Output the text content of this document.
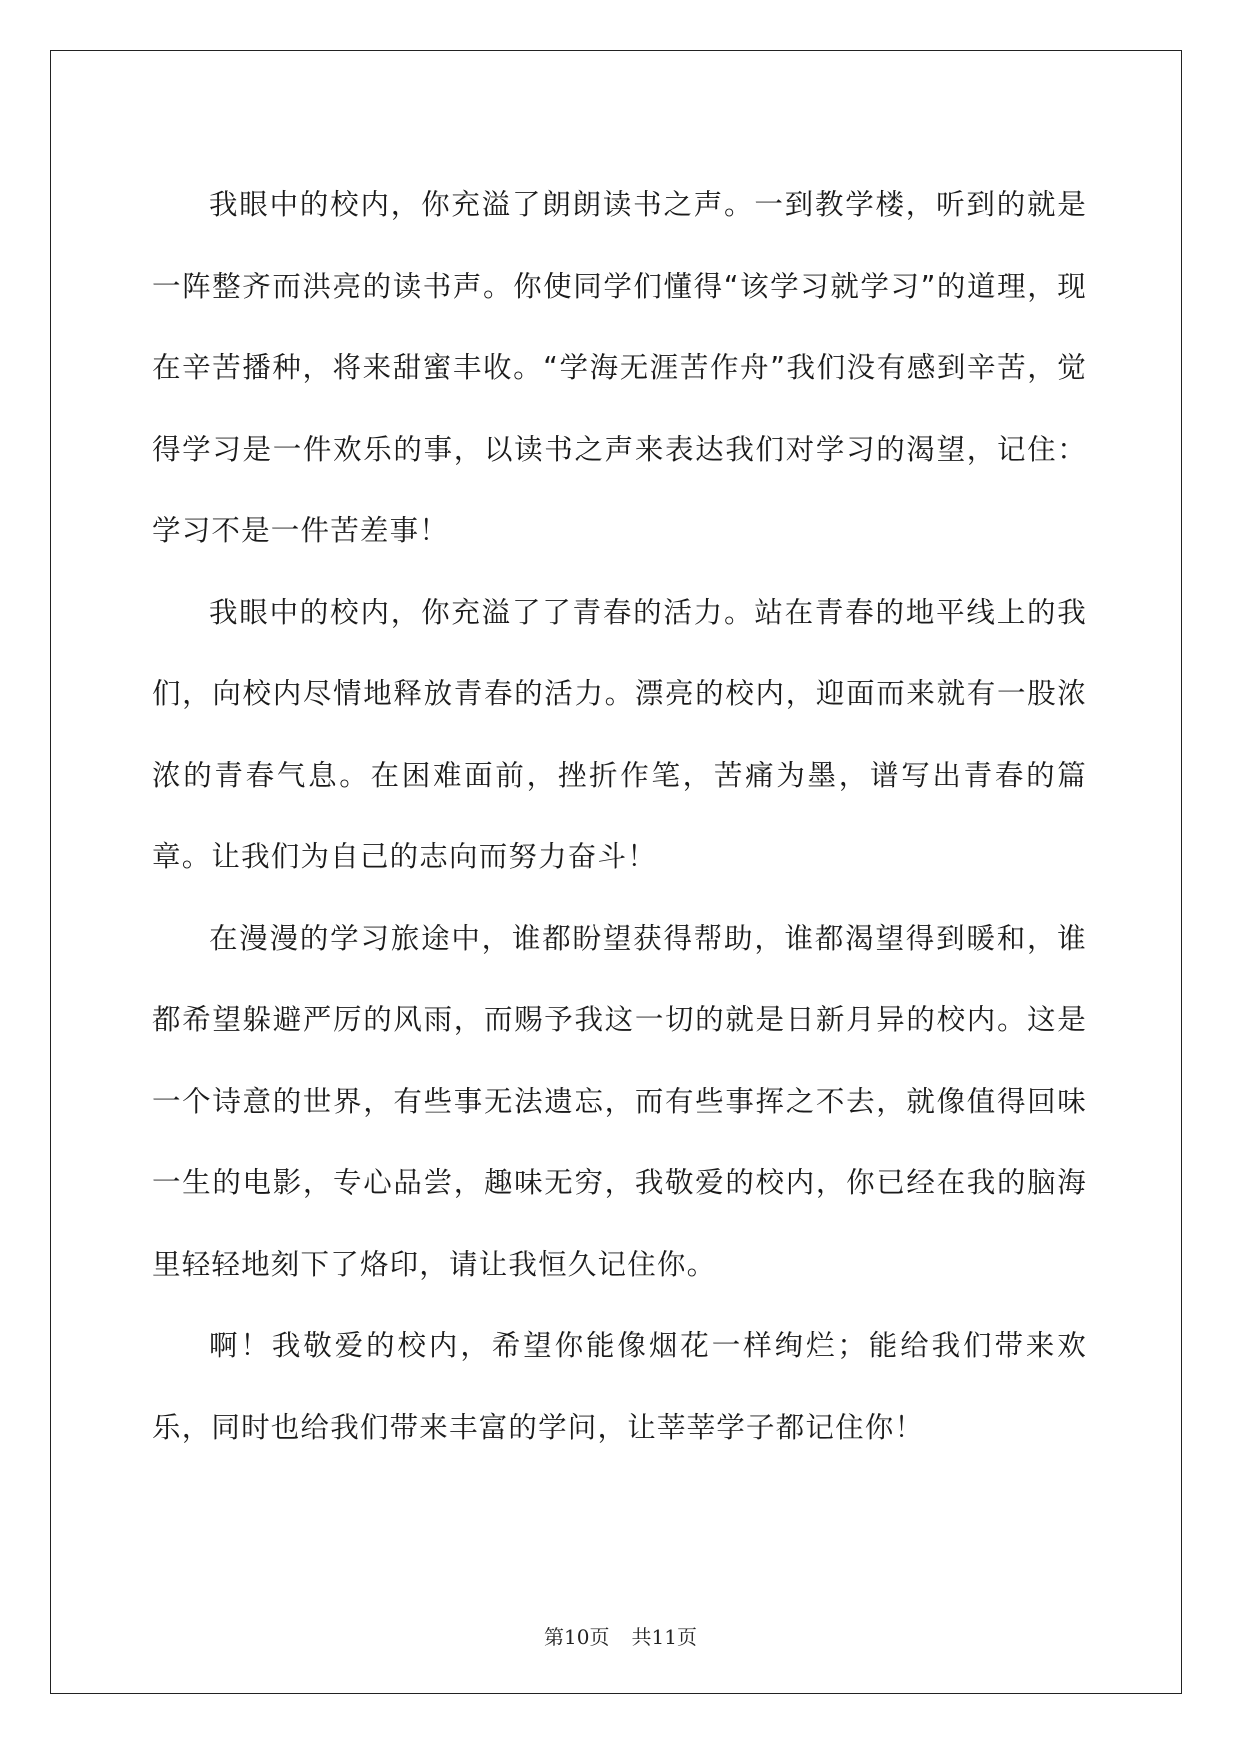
我眼中的校内，你充溢了朗朗读书之声。一到教学楼，听到的就是一阵整齐而洪亮的读书声。你使同学们懂得“该学习就学习”的道理，现在辛苦播种，将来甜蜜丰收。“学海无涯苦作舟”我们没有感到辛苦，觉得学习是一件欢乐的事，以读书之声来表达我们对学习的渴望，记住：学习不是一件苦差事！

我眼中的校内，你充溢了了青春的活力。站在青春的地平线上的我们，向校内尽情地释放青春的活力。漂亮的校内，迎面而来就有一股浓浓的青春气息。在困难面前，挫折作笔，苦痛为墨，谱写出青春的篇章。让我们为自己的志向而努力奋斗！

在漫漫的学习旅途中，谁都盼望获得帮助，谁都渴望得到暖和，谁都希望躲避严厉的风雨，而赐予我这一切的就是日新月异的校内。这是一个诗意的世界，有些事无法遗忘，而有些事挥之不去，就像值得回味一生的电影，专心品尝，趣味无穷，我敬爱的校内，你已经在我的脑海里轻轻地刻下了烙印，请让我恒久记住你。

啊！我敬爱的校内，希望你能像烟花一样绚烂；能给我们带来欢乐，同时也给我们带来丰富的学问，让莘莘学子都记住你！

第10页 共11页
